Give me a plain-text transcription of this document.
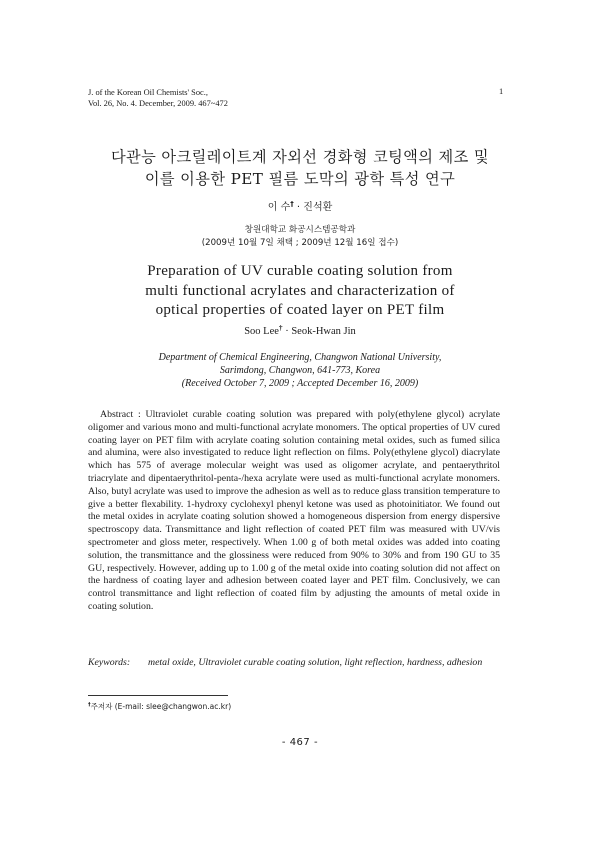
J. of the Korean Oil Chemists' Soc.,
Vol. 26, No. 4. December, 2009. 467~472
1
다관능 아크릴레이트계 자외선 경화형 코팅액의 제조 및
이를 이용한 PET 필름 도막의 광학 특성 연구
이 수† · 진석환
창원대학교 화공시스템공학과
(2009년 10월 7일 채택 ; 2009년 12월 16일 접수)
Preparation of UV curable coating solution from
multi functional acrylates and characterization of
optical properties of coated layer on PET film
Soo Lee† · Seok-Hwan Jin
Department of Chemical Engineering, Changwon National University,
Sarimdong, Changwon, 641-773, Korea
(Received October 7, 2009 ; Accepted December 16, 2009)

Abstract : Ultraviolet curable coating solution was prepared with poly(ethylene glycol) acrylate oligomer and various mono and multi-functional acrylate monomers. The optical properties of UV cured coating layer on PET film with acrylate coating solution containing metal oxides, such as fumed silica and alumina, were also investigated to reduce light reflection on films. Poly(ethylene glycol) diacrylate which has 575 of average molecular weight was used as oligomer acrylate, and pentaerythritol triacrylate and dipentaerythritol-penta-/hexa acrylate were used as multi-functional acrylate monomers. Also, butyl acrylate was used to improve the adhesion as well as to reduce glass transition temperature to give a better flexability. 1-hydroxy cyclohexyl phenyl ketone was used as photoinitiator. We found out the metal oxides in acrylate coating solution showed a homogeneous dispersion from energy dispersive spectroscopy data. Transmittance and light reflection of coated PET film was measured with UV/vis spectrometer and gloss meter, respectively. When 1.00 g of both metal oxides was added into coating solution, the transmittance and the glossiness were reduced from 90% to 30% and from 190 GU to 35 GU, respectively. However, adding up to 1.00 g of the metal oxide into coating solution did not affect on the hardness of coating layer and adhesion between coated layer and PET film. Conclusively, we can control transmittance and light reflection of coated film by adjusting the amounts of metal oxide in coating solution.

Keywords:	metal oxide, Ultraviolet curable coating solution, light reflection, hardness, adhesion

†주저자 (E-mail: slee@changwon.ac.kr)
- 467 -
